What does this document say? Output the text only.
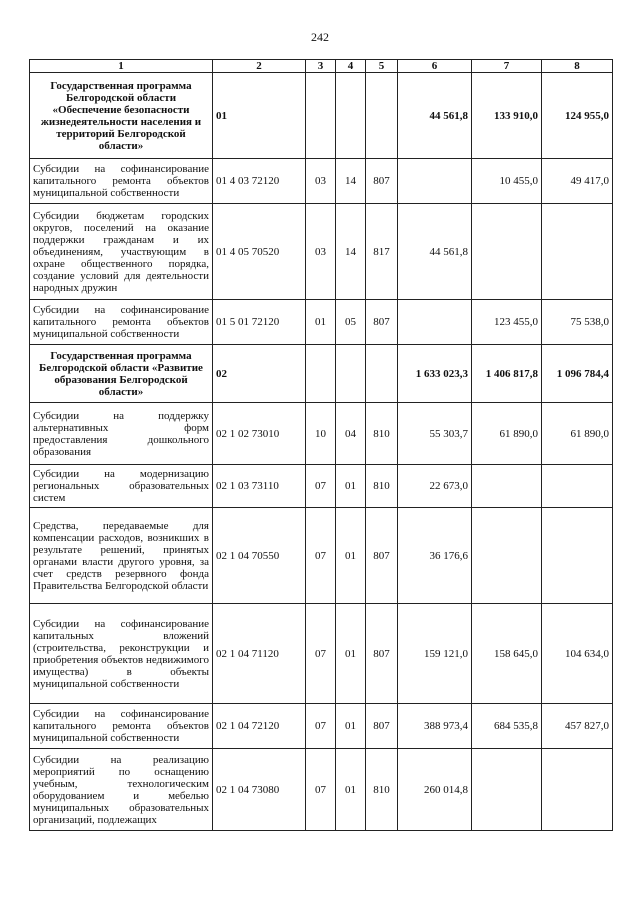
242
1	2	3	4	5	6	7	8
Государственная программа Белгородской области «Обеспечение безопасности жизнедеятельности населения и территорий Белгородской области»	01				44 561,8	133 910,0	124 955,0
Субсидии на софинансирование капитального ремонта объектов муниципальной собственности	01 4 03 72120	03	14	807		10 455,0	49 417,0
Субсидии бюджетам городских округов, поселений на оказание поддержки гражданам и их объединениям, участвующим в охране общественного порядка, создание условий для деятельности народных дружин	01 4 05 70520	03	14	817	44 561,8		
Субсидии на софинансирование капитального ремонта объектов муниципальной собственности	01 5 01 72120	01	05	807		123 455,0	75 538,0
Государственная программа Белгородской области «Развитие образования Белгородской области»	02				1 633 023,3	1 406 817,8	1 096 784,4
Субсидии на поддержку альтернативных форм предоставления дошкольного образования	02 1 02 73010	10	04	810	55 303,7	61 890,0	61 890,0
Субсидии на модернизацию региональных образовательных систем	02 1 03 73110	07	01	810	22 673,0		
Средства, передаваемые для компенсации расходов, возникших в результате решений, принятых органами власти другого уровня, за счет средств резервного фонда Правительства Белгородской области	02 1 04 70550	07	01	807	36 176,6		
Субсидии на софинансирование капитальных вложений (строительства, реконструкции и приобретения объектов недвижимого имущества) в объекты муниципальной собственности	02 1 04 71120	07	01	807	159 121,0	158 645,0	104 634,0
Субсидии на софинансирование капитального ремонта объектов муниципальной собственности	02 1 04 72120	07	01	807	388 973,4	684 535,8	457 827,0
Субсидии на реализацию мероприятий по оснащению учебным, технологическим оборудованием и мебелью муниципальных образовательных организаций, подлежащих	02 1 04 73080	07	01	810	260 014,8		
